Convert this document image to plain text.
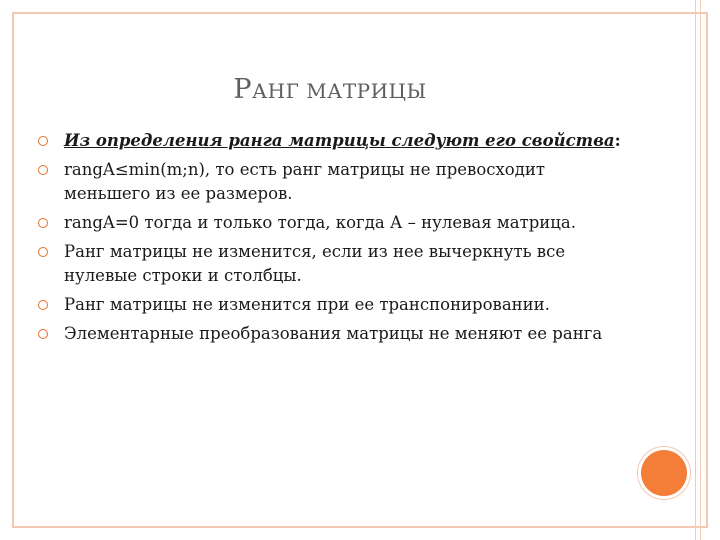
РАНГ МАТРИЦЫ
Из определения ранга матрицы следуют его свойства:
rangA≤min(m;n), то есть ранг матрицы не превосходит меньшего из ее размеров.
rangA=0 тогда и только тогда, когда А – нулевая матрица.
Ранг матрицы не изменится, если из нее вычеркнуть все нулевые строки и столбцы.
Ранг матрицы не изменится при ее транспонировании.
Элементарные преобразования матрицы не меняют ее ранга
